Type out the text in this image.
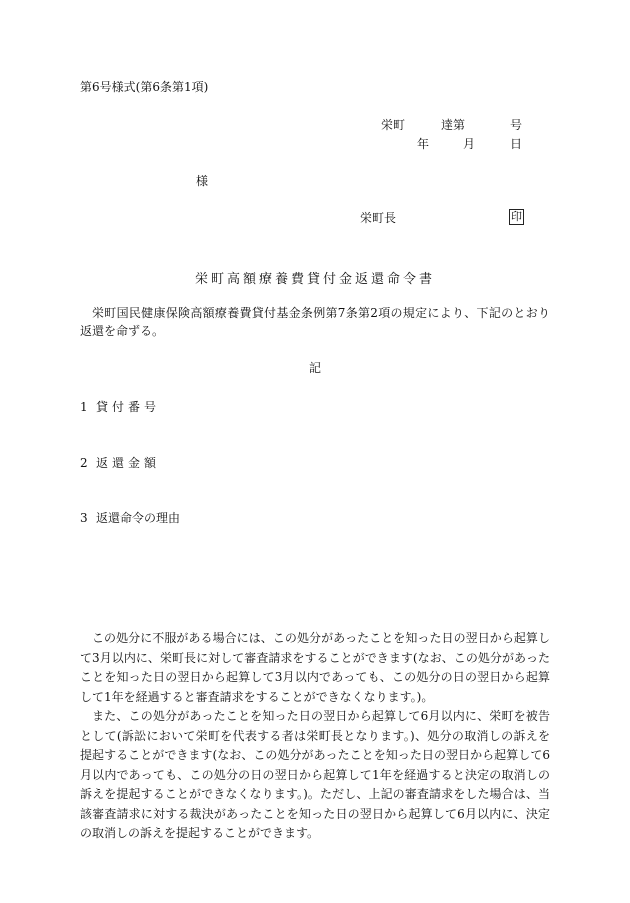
第6号様式(第6条第1項)
栄町	達第	号
年	月	日
様
栄町長	印
栄町高額療養費貸付金返還命令書
栄町国民健康保険高額療養費貸付基金条例第7条第2項の規定により、下記のとおり返還を命ずる。
記
1 貸付番号
2 返還金額
3 返還命令の理由

この処分に不服がある場合には、この処分があったことを知った日の翌日から起算して3月以内に、栄町長に対して審査請求をすることができます(なお、この処分があったことを知った日の翌日から起算して3月以内であっても、この処分の日の翌日から起算して1年を経過すると審査請求をすることができなくなります。)。

また、この処分があったことを知った日の翌日から起算して6月以内に、栄町を被告として(訴訟において栄町を代表する者は栄町長となります。)、処分の取消しの訴えを提起することができます(なお、この処分があったことを知った日の翌日から起算して6月以内であっても、この処分の日の翌日から起算して1年を経過すると決定の取消しの訴えを提起することができなくなります。)。ただし、上記の審査請求をした場合は、当該審査請求に対する裁決があったことを知った日の翌日から起算して6月以内に、決定の取消しの訴えを提起することができます。
